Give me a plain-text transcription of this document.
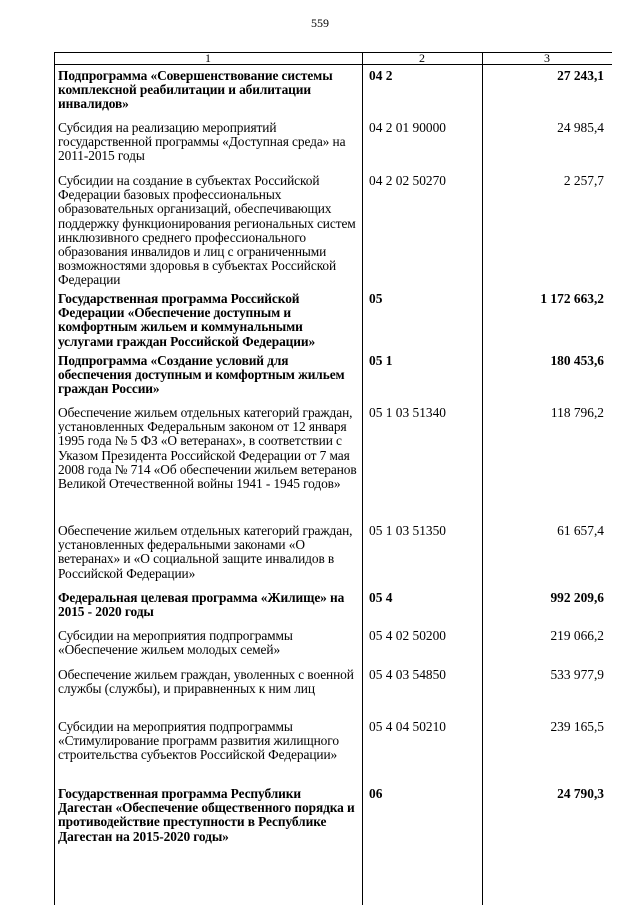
559
1	2	3
Подпрограмма «Совершенствование системы комплексной реабилитации и абилитации инвалидов»
04 2	27 243,1
Субсидия на реализацию мероприятий государственной программы «Доступная среда» на 2011-2015 годы
04 2 01 90000	24 985,4
Субсидии на создание в субъектах Российской Федерации базовых профессиональных образовательных организаций, обеспечивающих поддержку функционирования региональных систем инклюзивного среднего профессионального образования инвалидов и лиц с ограниченными возможностями здоровья в субъектах Российской Федерации
04 2 02 50270	2 257,7
Государственная программа Российской Федерации «Обеспечение доступным и комфортным жильем и коммунальными услугами граждан Российской Федерации»
05	1 172 663,2
Подпрограмма «Создание условий для обеспечения доступным и комфортным жильем граждан России»
05 1	180 453,6
Обеспечение жильем отдельных категорий граждан, установленных Федеральным законом от 12 января 1995 года № 5 ФЗ «О ветеранах», в соответствии с Указом Президента Российской Федерации от 7 мая 2008 года № 714 «Об обеспечении жильем ветеранов Великой Отечественной войны 1941 - 1945 годов»
05 1 03 51340	118 796,2
Обеспечение жильем отдельных категорий граждан, установленных федеральными законами «О ветеранах» и «О социальной защите инвалидов в Российской Федерации»
05 1 03 51350	61 657,4
Федеральная целевая программа «Жилище» на 2015 - 2020 годы
05 4	992 209,6
Субсидии на мероприятия подпрограммы «Обеспечение жильем молодых семей»
05 4 02 50200	219 066,2
Обеспечение жильем граждан, уволенных с военной службы (службы), и приравненных к ним лиц
05 4 03 54850	533 977,9
Субсидии на мероприятия подпрограммы «Стимулирование программ развития жилищного строительства субъектов Российской Федерации»
05 4 04 50210	239 165,5
Государственная программа Республики Дагестан «Обеспечение общественного порядка и противодействие преступности в Республике Дагестан на 2015-2020 годы»
06	24 790,3
